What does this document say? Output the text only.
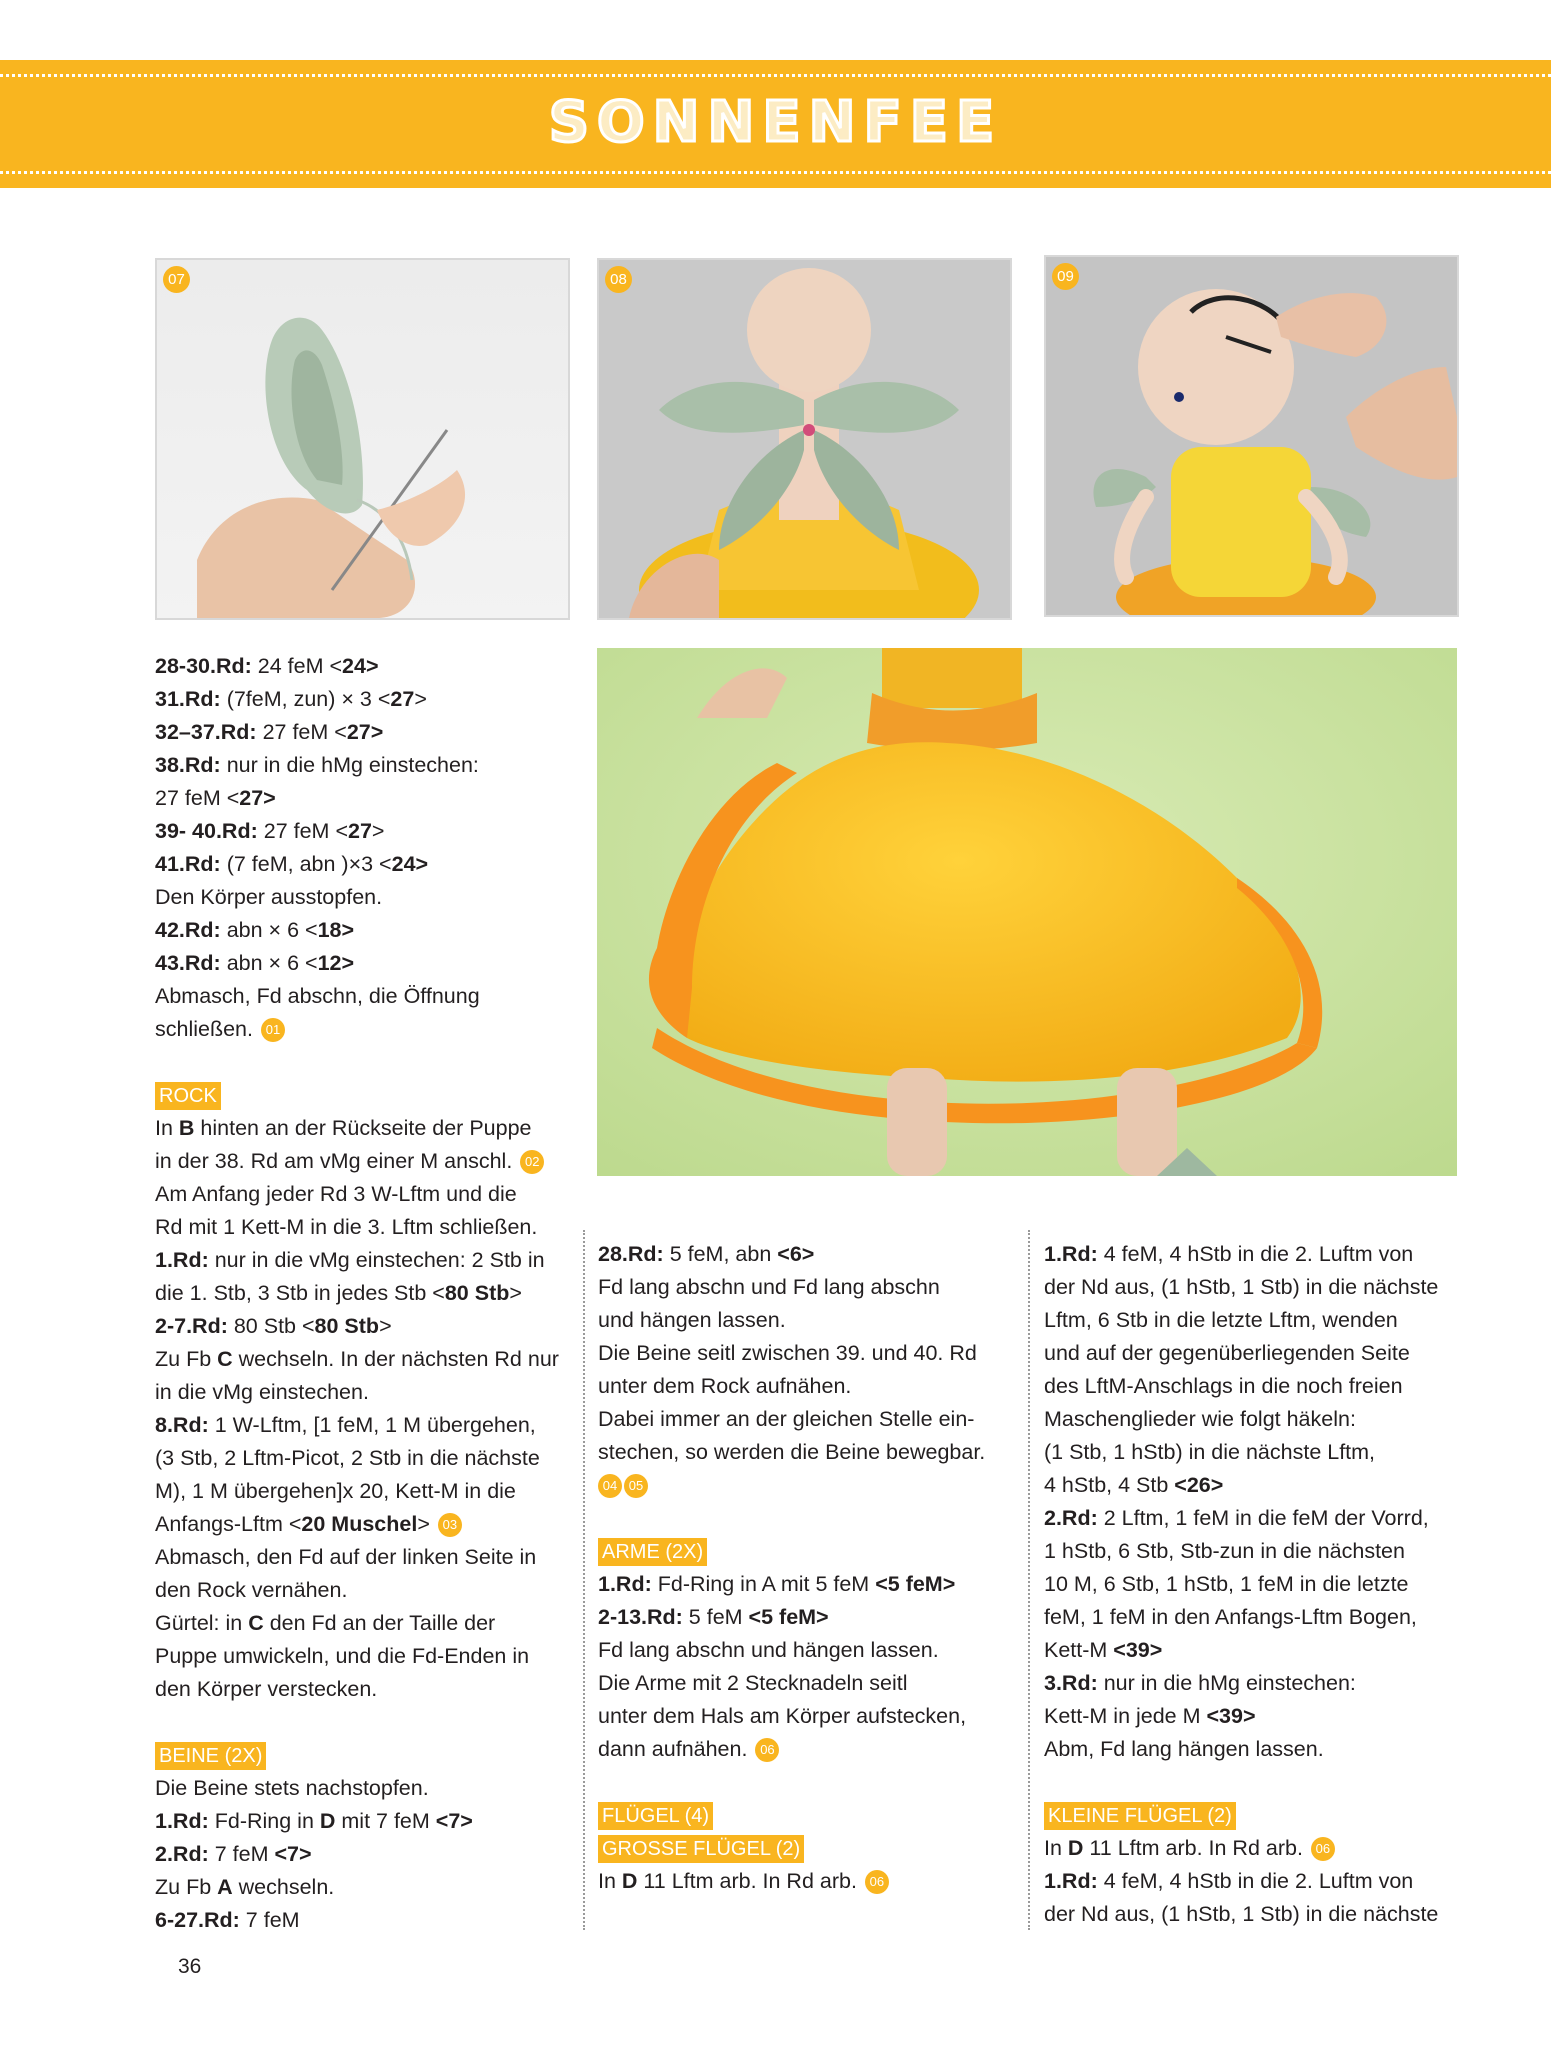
SONNENFEE
07	08	09

28-30.Rd: 24 feM <24>

31.Rd: (7feM, zun) × 3 <27>

32–37.Rd: 27 feM <27>

38.Rd: nur in die hMg einstechen:

27 feM <27>

39- 40.Rd: 27 feM <27>

41.Rd: (7 feM, abn )×3 <24>

Den Körper ausstopfen.

42.Rd: abn × 6 <18>

43.Rd: abn × 6 <12>

Abmasch, Fd abschn, die Öffnung

schließen. 01

ROCK

In B hinten an der Rückseite der Puppe

in der 38. Rd am vMg einer M anschl. 02

Am Anfang jeder Rd 3 W-Lftm und die

Rd mit 1 Kett-M in die 3. Lftm schließen.

1.Rd: nur in die vMg einstechen: 2 Stb in

die 1. Stb, 3 Stb in jedes Stb <80 Stb>

2-7.Rd: 80 Stb <80 Stb>

Zu Fb C wechseln. In der nächsten Rd nur

in die vMg einstechen.

8.Rd: 1 W-Lftm, [1 feM, 1 M übergehen,

(3 Stb, 2 Lftm-Picot, 2 Stb in die nächste

M), 1 M übergehen]x 20, Kett-M in die

Anfangs-Lftm <20 Muschel> 03

Abmasch, den Fd auf der linken Seite in

den Rock vernähen.

Gürtel: in C den Fd an der Taille der

Puppe umwickeln, und die Fd-Enden in

den Körper verstecken.

BEINE (2X)

Die Beine stets nachstopfen.

1.Rd: Fd-Ring in D mit 7 feM <7>

2.Rd: 7 feM <7>

Zu Fb A wechseln.

6-27.Rd: 7 feM

28.Rd: 5 feM, abn <6>

Fd lang abschn und Fd lang abschn

und hängen lassen.

Die Beine seitl zwischen 39. und 40. Rd

unter dem Rock aufnähen.

Dabei immer an der gleichen Stelle ein-

stechen, so werden die Beine bewegbar.

04 05

ARME (2X)

1.Rd: Fd-Ring in A mit 5 feM <5 feM>

2-13.Rd: 5 feM <5 feM>

Fd lang abschn und hängen lassen.

Die Arme mit 2 Stecknadeln seitl

unter dem Hals am Körper aufstecken,

dann aufnähen. 06

FLÜGEL (4)
GROSSE FLÜGEL (2)

In D 11 Lftm arb. In Rd arb. 06

1.Rd: 4 feM, 4 hStb in die 2. Luftm von

der Nd aus, (1 hStb, 1 Stb) in die nächste

Lftm, 6 Stb in die letzte Lftm, wenden

und auf der gegenüberliegenden Seite

des LftM-Anschlags in die noch freien

Maschenglieder wie folgt häkeln:

(1 Stb, 1 hStb) in die nächste Lftm,

4 hStb, 4 Stb <26>

2.Rd: 2 Lftm, 1 feM in die feM der Vorrd,

1 hStb, 6 Stb, Stb-zun in die nächsten

10 M, 6 Stb, 1 hStb, 1 feM in die letzte

feM, 1 feM in den Anfangs-Lftm Bogen,

Kett-M <39>

3.Rd: nur in die hMg einstechen:

Kett-M in jede M <39>

Abm, Fd lang hängen lassen.

KLEINE FLÜGEL (2)

In D 11 Lftm arb. In Rd arb. 06

1.Rd: 4 feM, 4 hStb in die 2. Luftm von

der Nd aus, (1 hStb, 1 Stb) in die nächste

36
